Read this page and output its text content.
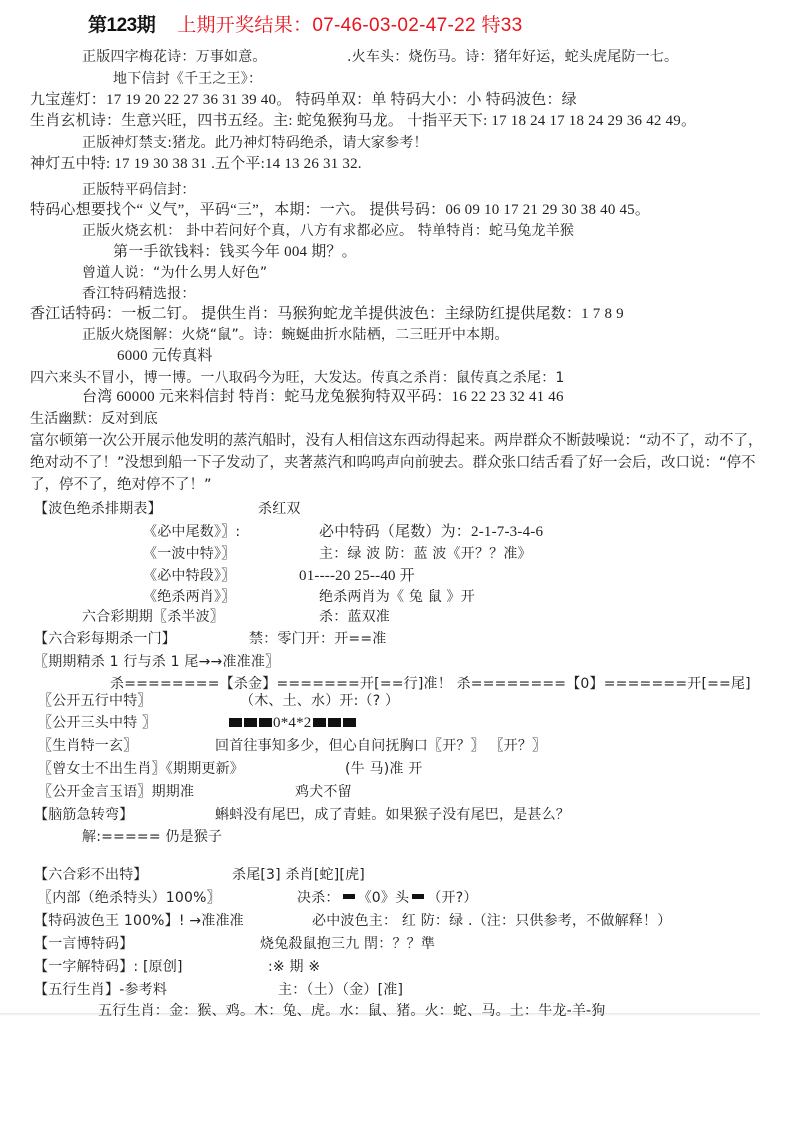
第123期 上期开奖结果：07-46-03-02-47-22 特33
正版四字梅花诗：万事如意。	.火车头：烧伤马。诗：猪年好运，蛇头虎尾防一七。
地下信封《千王之王》：
九宝莲灯：17 19 20 22 27 36 31 39 40。 特码单双：单 特码大小：小 特码波色：绿
生肖玄机诗：生意兴旺，四书五经。主: 蛇兔猴狗马龙。 十指平天下: 17 18 24 17 18 24 29 36 42 49。
正版神灯禁支:猪龙。此乃神灯特码绝杀，请大家参考！
神灯五中特: 17 19 30 38 31 .五个平:14 13 26 31 32.
正版特平码信封：
特码心想要找个“ 义气”，平码“三”，本期：一六。 提供号码：06 09 10 17 21 29 30 38 40 45。
正版火烧玄机： 卦中若问好个真，八方有求都必应。 特单特肖：蛇马兔龙羊猴
第一手欲钱料：钱买今年 004 期？。
曾道人说：“为什么男人好色”
香江特码精选报：
香江话特码：一板二钉。 提供生肖：马猴狗蛇龙羊提供波色：主绿防红提供尾数：1 7 8 9
正版火烧图解：火烧“鼠”。诗：蜿蜒曲折水陆栖，二三旺开中本期。
6000 元传真料
四六来头不冒小，博一博。一八取码今为旺，大发达。传真之杀肖：鼠传真之杀尾：1
台湾 60000 元来料信封 特肖：蛇马龙兔猴狗特双平码：16 22 23 32 41 46
生活幽默：反对到底
富尔顿第一次公开展示他发明的蒸汽船时，没有人相信这东西动得起来。两岸群众不断鼓噪说：“动不了，动不了，绝对动不了！”没想到船一下子发动了，夹著蒸汽和呜呜声向前驶去。群众张口结舌看了好一会后，改口说：“停不了，停不了，绝对停不了！”
【波色绝杀排期表】	杀红双
《必中尾数》〗:	必中特码（尾数）为：2-1-7-3-4-6
《一波中特》〗	主：绿 波 防：蓝 波《开？？准》
《必中特段》〗	01----20 25--40 开
《绝杀两肖》〗	绝杀两肖为《 兔 鼠 》开
六合彩期期〖杀半波〗	杀：蓝双准
【六合彩每期杀一门】	禁：零门开：开==准
〖期期精杀 1 行与杀 1 尾→→准准准〗
杀========【杀金】=======开[==行]准！ 杀========【0】=======开[==尾]
〖公开五行中特〗	（木、土、水）开:（? ）
〖公开三头中特 〗	0*4*2
〖生肖特一玄〗	回首往事知多少，但心自问抚胸口〖开？〗 〖开？〗
〖曾女士不出生肖〗《期期更新》	(牛 马)准 开
〖公开金言玉语〗期期准	鸡犬不留
【脑筋急转弯】	蝌蚪没有尾巴，成了青蛙。如果猴子没有尾巴，是甚么？
解:===== 仍是猴子
【六合彩不出特】	杀尾[3] 杀肖[蛇][虎]
〖内部（绝杀特头）100%〗	决杀： 《0》头 （开?）
【特码波色王 100%】! →准准准	必中波色主： 红 防：绿 .（注：只供参考，不做解释！）
【一言博特码】	烧兔殺鼠抱三九 閈：？？準
【一字解特码】: [原创]	:※ 期 ※
【五行生肖】-参考料	主：（土）（金）[准]
五行生肖：金：猴、鸡。木：兔、虎。水：鼠、猪。火：蛇、马。土：牛龙-羊-狗
